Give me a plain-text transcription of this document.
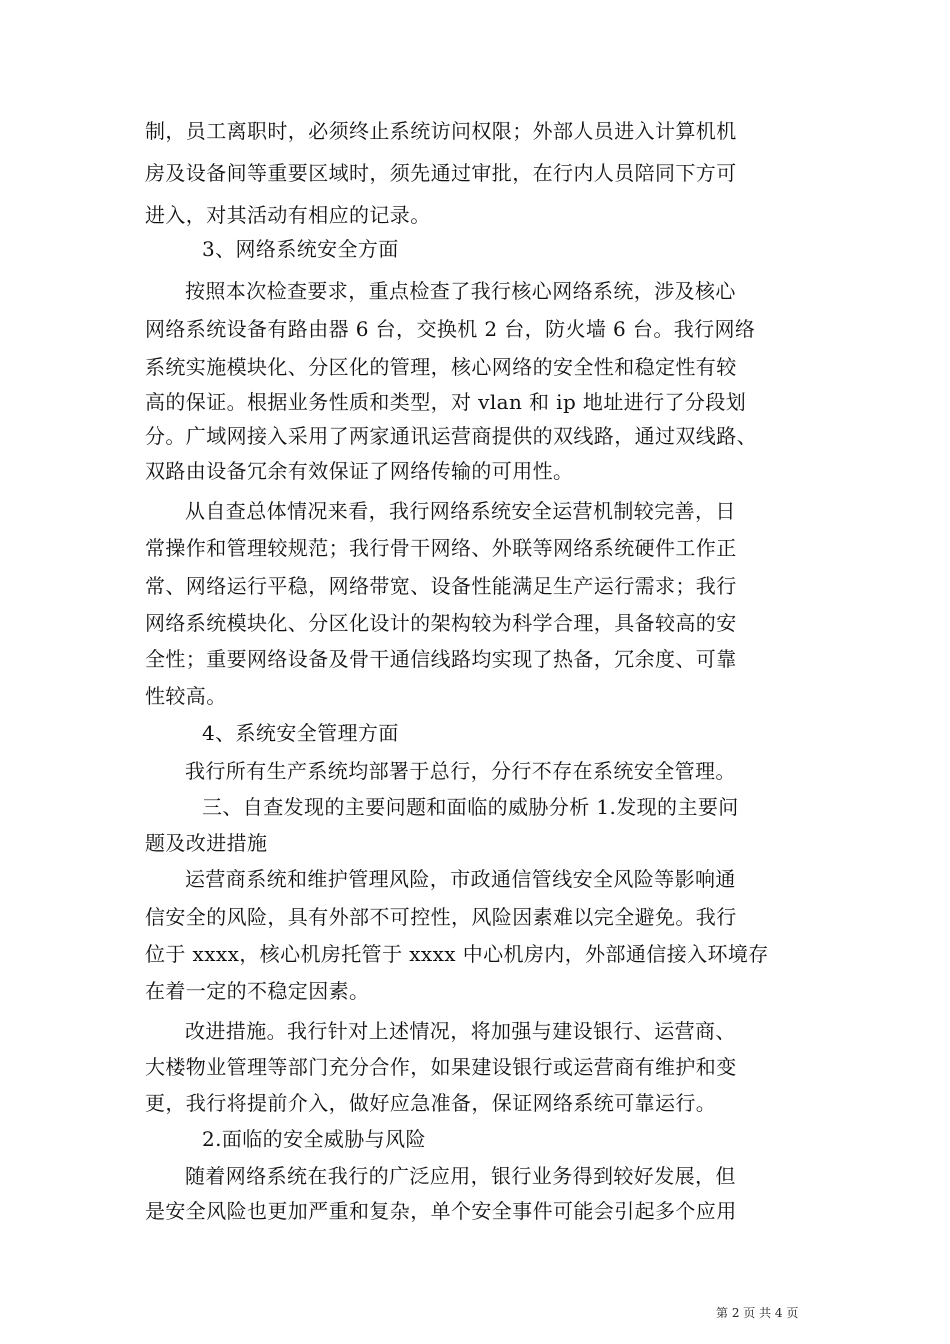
制，员工离职时，必须终止系统访问权限；外部人员进入计算机机
房及设备间等重要区域时，须先通过审批，在行内人员陪同下方可
进入，对其活动有相应的记录。
3、网络系统安全方面
按照本次检查要求，重点检查了我行核心网络系统，涉及核心
网络系统设备有路由器 6 台，交换机 2 台，防火墙 6 台。我行网络
系统实施模块化、分区化的管理，核心网络的安全性和稳定性有较
高的保证。根据业务性质和类型，对 vlan 和 ip 地址进行了分段划
分。广域网接入采用了两家通讯运营商提供的双线路，通过双线路、
双路由设备冗余有效保证了网络传输的可用性。
从自查总体情况来看，我行网络系统安全运营机制较完善，日
常操作和管理较规范；我行骨干网络、外联等网络系统硬件工作正
常、网络运行平稳，网络带宽、设备性能满足生产运行需求；我行
网络系统模块化、分区化设计的架构较为科学合理，具备较高的安
全性；重要网络设备及骨干通信线路均实现了热备，冗余度、可靠
性较高。
4、系统安全管理方面
我行所有生产系统均部署于总行，分行不存在系统安全管理。
三、自查发现的主要问题和面临的威胁分析 1.发现的主要问
题及改进措施
运营商系统和维护管理风险，市政通信管线安全风险等影响通
信安全的风险，具有外部不可控性，风险因素难以完全避免。我行
位于 xxxx，核心机房托管于 xxxx 中心机房内，外部通信接入环境存
在着一定的不稳定因素。
改进措施。我行针对上述情况，将加强与建设银行、运营商、
大楼物业管理等部门充分合作，如果建设银行或运营商有维护和变
更，我行将提前介入，做好应急准备，保证网络系统可靠运行。
2.面临的安全威胁与风险
随着网络系统在我行的广泛应用，银行业务得到较好发展，但
是安全风险也更加严重和复杂，单个安全事件可能会引起多个应用
第 2 页 共 4 页
